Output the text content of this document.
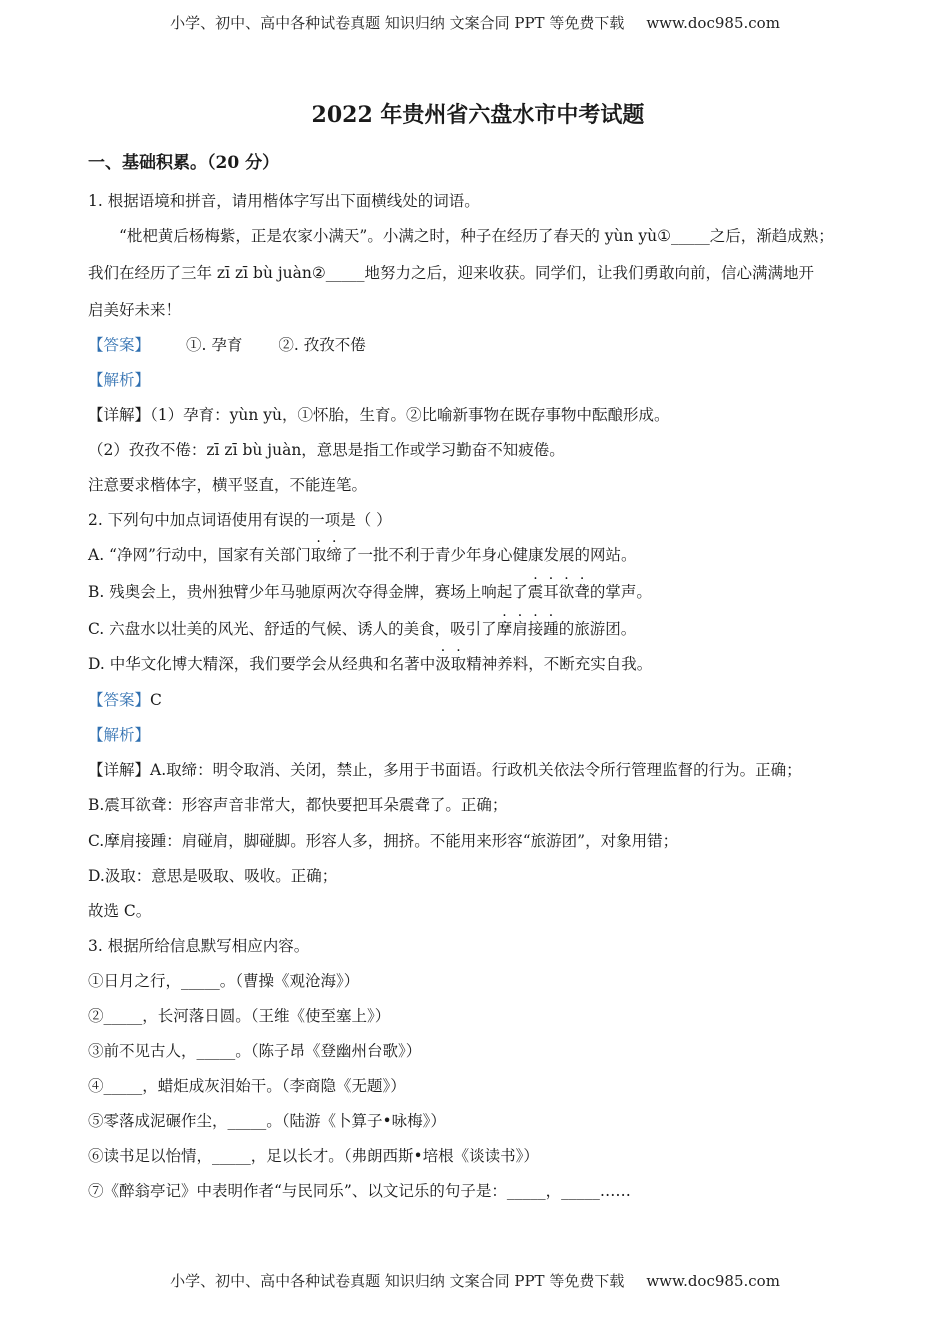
小学、初中、高中各种试卷真题 知识归纳 文案合同 PPT 等免费下载 www.doc985.com
2022 年贵州省六盘水市中考试题
一、基础积累。（20 分）
1. 根据语境和拼音，请用楷体字写出下面横线处的词语。
“枇杷黄后杨梅紫，正是农家小满天”。小满之时，种子在经历了春天的 yùn yù①_____之后，渐趋成熟；
我们在经历了三年 zī zī bù juàn②_____地努力之后，迎来收获。同学们，让我们勇敢向前，信心满满地开
启美好未来！
【答案】 ①. 孕育 ②. 孜孜不倦
【解析】
【详解】（1）孕育：yùn yù，①怀胎，生育。②比喻新事物在既存事物中酝酿形成。
（2）孜孜不倦：zī zī bù juàn，意思是指工作或学习勤奋不知疲倦。
注意要求楷体字，横平竖直，不能连笔。
2. 下列句中加点词语使用有误的一项是（ ）
A. “净网”行动中，国家有关部门取缔了一批不利于青少年身心健康发展的网站。
B. 残奥会上，贵州独臂少年马驰原两次夺得金牌，赛场上响起了震耳欲聋的掌声。
C. 六盘水以壮美的风光、舒适的气候、诱人的美食，吸引了摩肩接踵的旅游团。
D. 中华文化博大精深，我们要学会从经典和名著中汲取精神养料，不断充实自我。
【答案】C
【解析】
【详解】A.取缔：明令取消、关闭，禁止，多用于书面语。行政机关依法令所行管理监督的行为。正确；
B.震耳欲聋：形容声音非常大，都快要把耳朵震聋了。正确；
C.摩肩接踵：肩碰肩，脚碰脚。形容人多，拥挤。不能用来形容“旅游团”，对象用错；
D.汲取：意思是吸取、吸收。正确；
故选 C。
3. 根据所给信息默写相应内容。
①日月之行，_____。（曹操《观沧海》）
②_____，长河落日圆。（王维《使至塞上》）
③前不见古人，_____。（陈子昂《登幽州台歌》）
④_____，蜡炬成灰泪始干。（李商隐《无题》）
⑤零落成泥碾作尘，_____。（陆游《卜算子•咏梅》）
⑥读书足以怡情，_____，足以长才。（弗朗西斯•培根《谈读书》）
⑦《醉翁亭记》中表明作者“与民同乐”、以文记乐的句子是：_____，_____……
小学、初中、高中各种试卷真题 知识归纳 文案合同 PPT 等免费下载 www.doc985.com
